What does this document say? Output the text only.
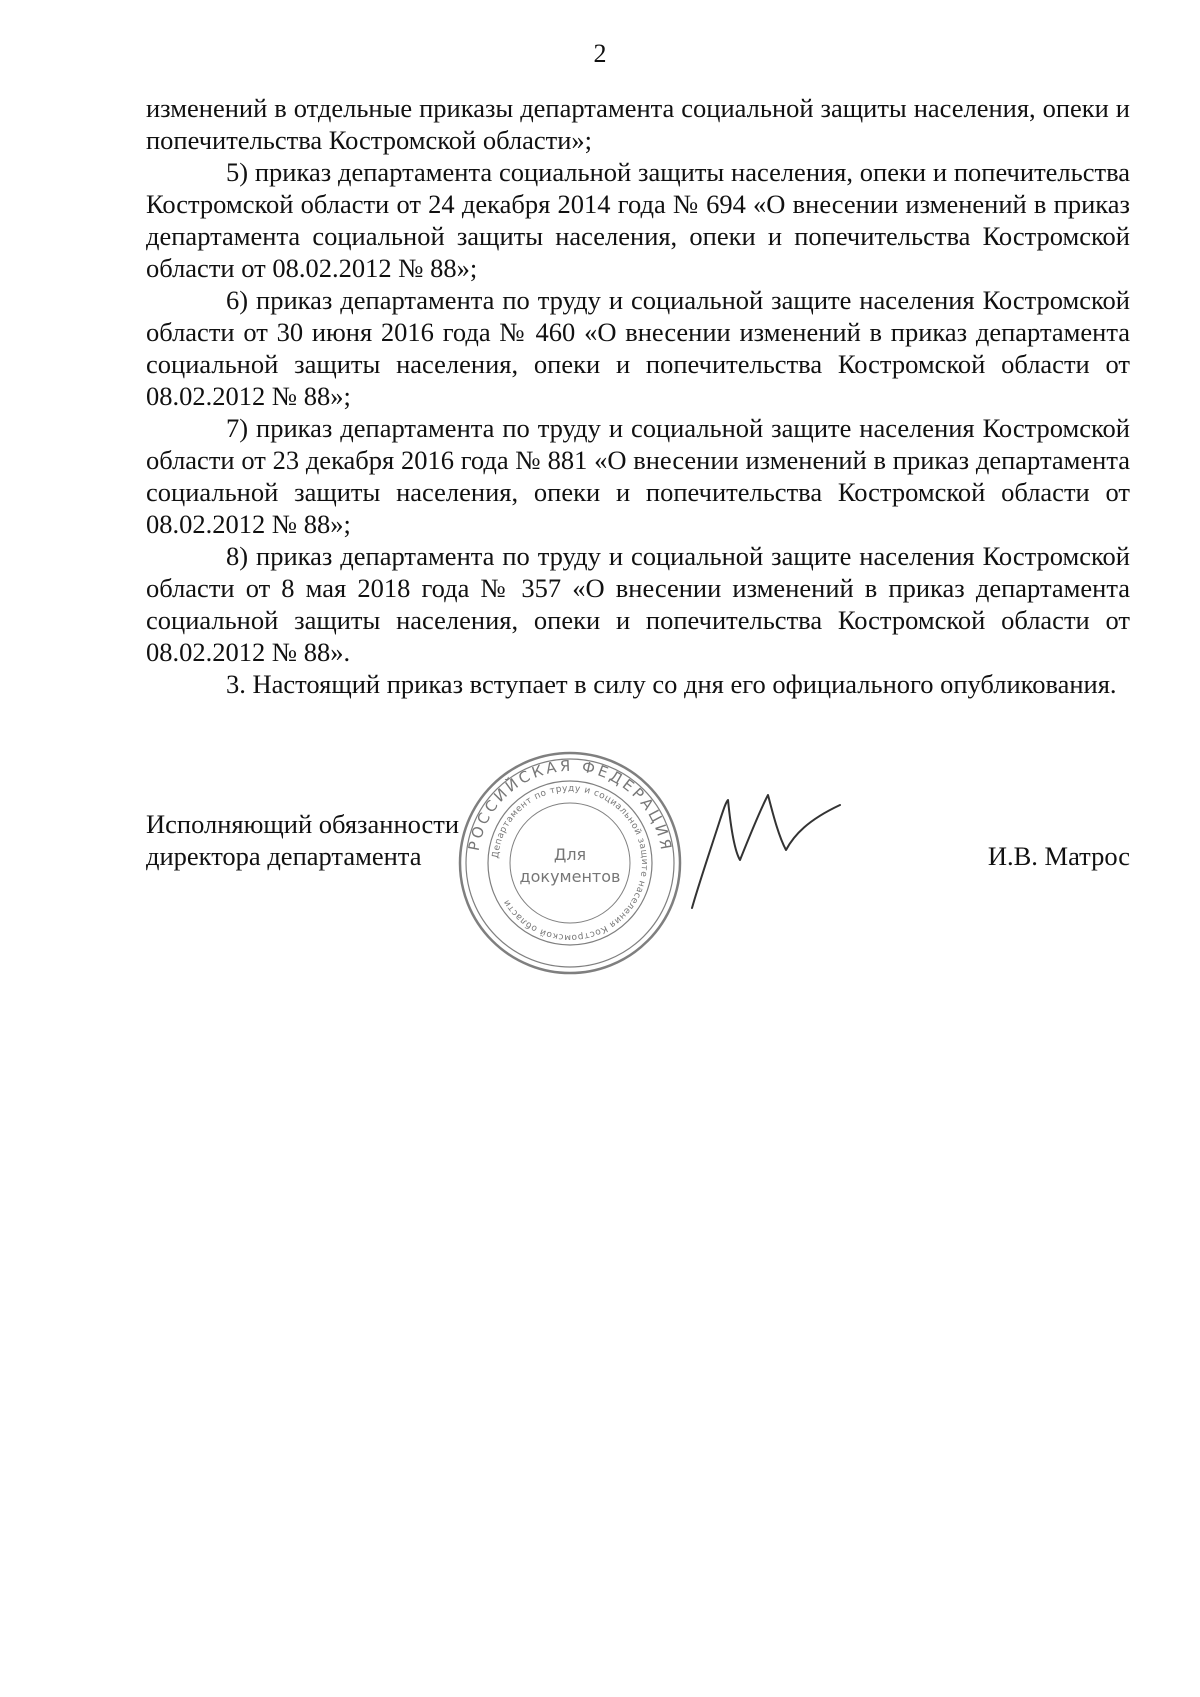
2

изменений в отдельные приказы департамента социальной защиты населения, опеки и попечительства Костромской области»;

5) приказ департамента социальной защиты населения, опеки и попечительства Костромской области от 24 декабря 2014 года № 694 «О внесении изменений в приказ департамента социальной защиты населения, опеки и попечительства Костромской области от 08.02.2012 № 88»;

6) приказ департамента по труду и социальной защите населения Костромской области от 30 июня 2016 года № 460 «О внесении изменений в приказ департамента социальной защиты населения, опеки и попечительства Костромской области от 08.02.2012 № 88»;

7) приказ департамента по труду и социальной защите населения Костромской области от 23 декабря 2016 года № 881 «О внесении изменений в приказ департамента социальной защиты населения, опеки и попечительства Костромской области от 08.02.2012 № 88»;

8) приказ департамента по труду и социальной защите населения Костромской области от 8 мая 2018 года № 357 «О внесении изменений в приказ департамента социальной защиты населения, опеки и попечительства Костромской области от 08.02.2012 № 88».

3. Настоящий приказ вступает в силу со дня его официального опубликования.

Исполняющий обязанности
директора департамента	И.В. Матрос
РОССИЙСКАЯ ФЕДЕРАЦИЯ
Департамент по труду и социальной защите населения Костромской области
Для
документов
